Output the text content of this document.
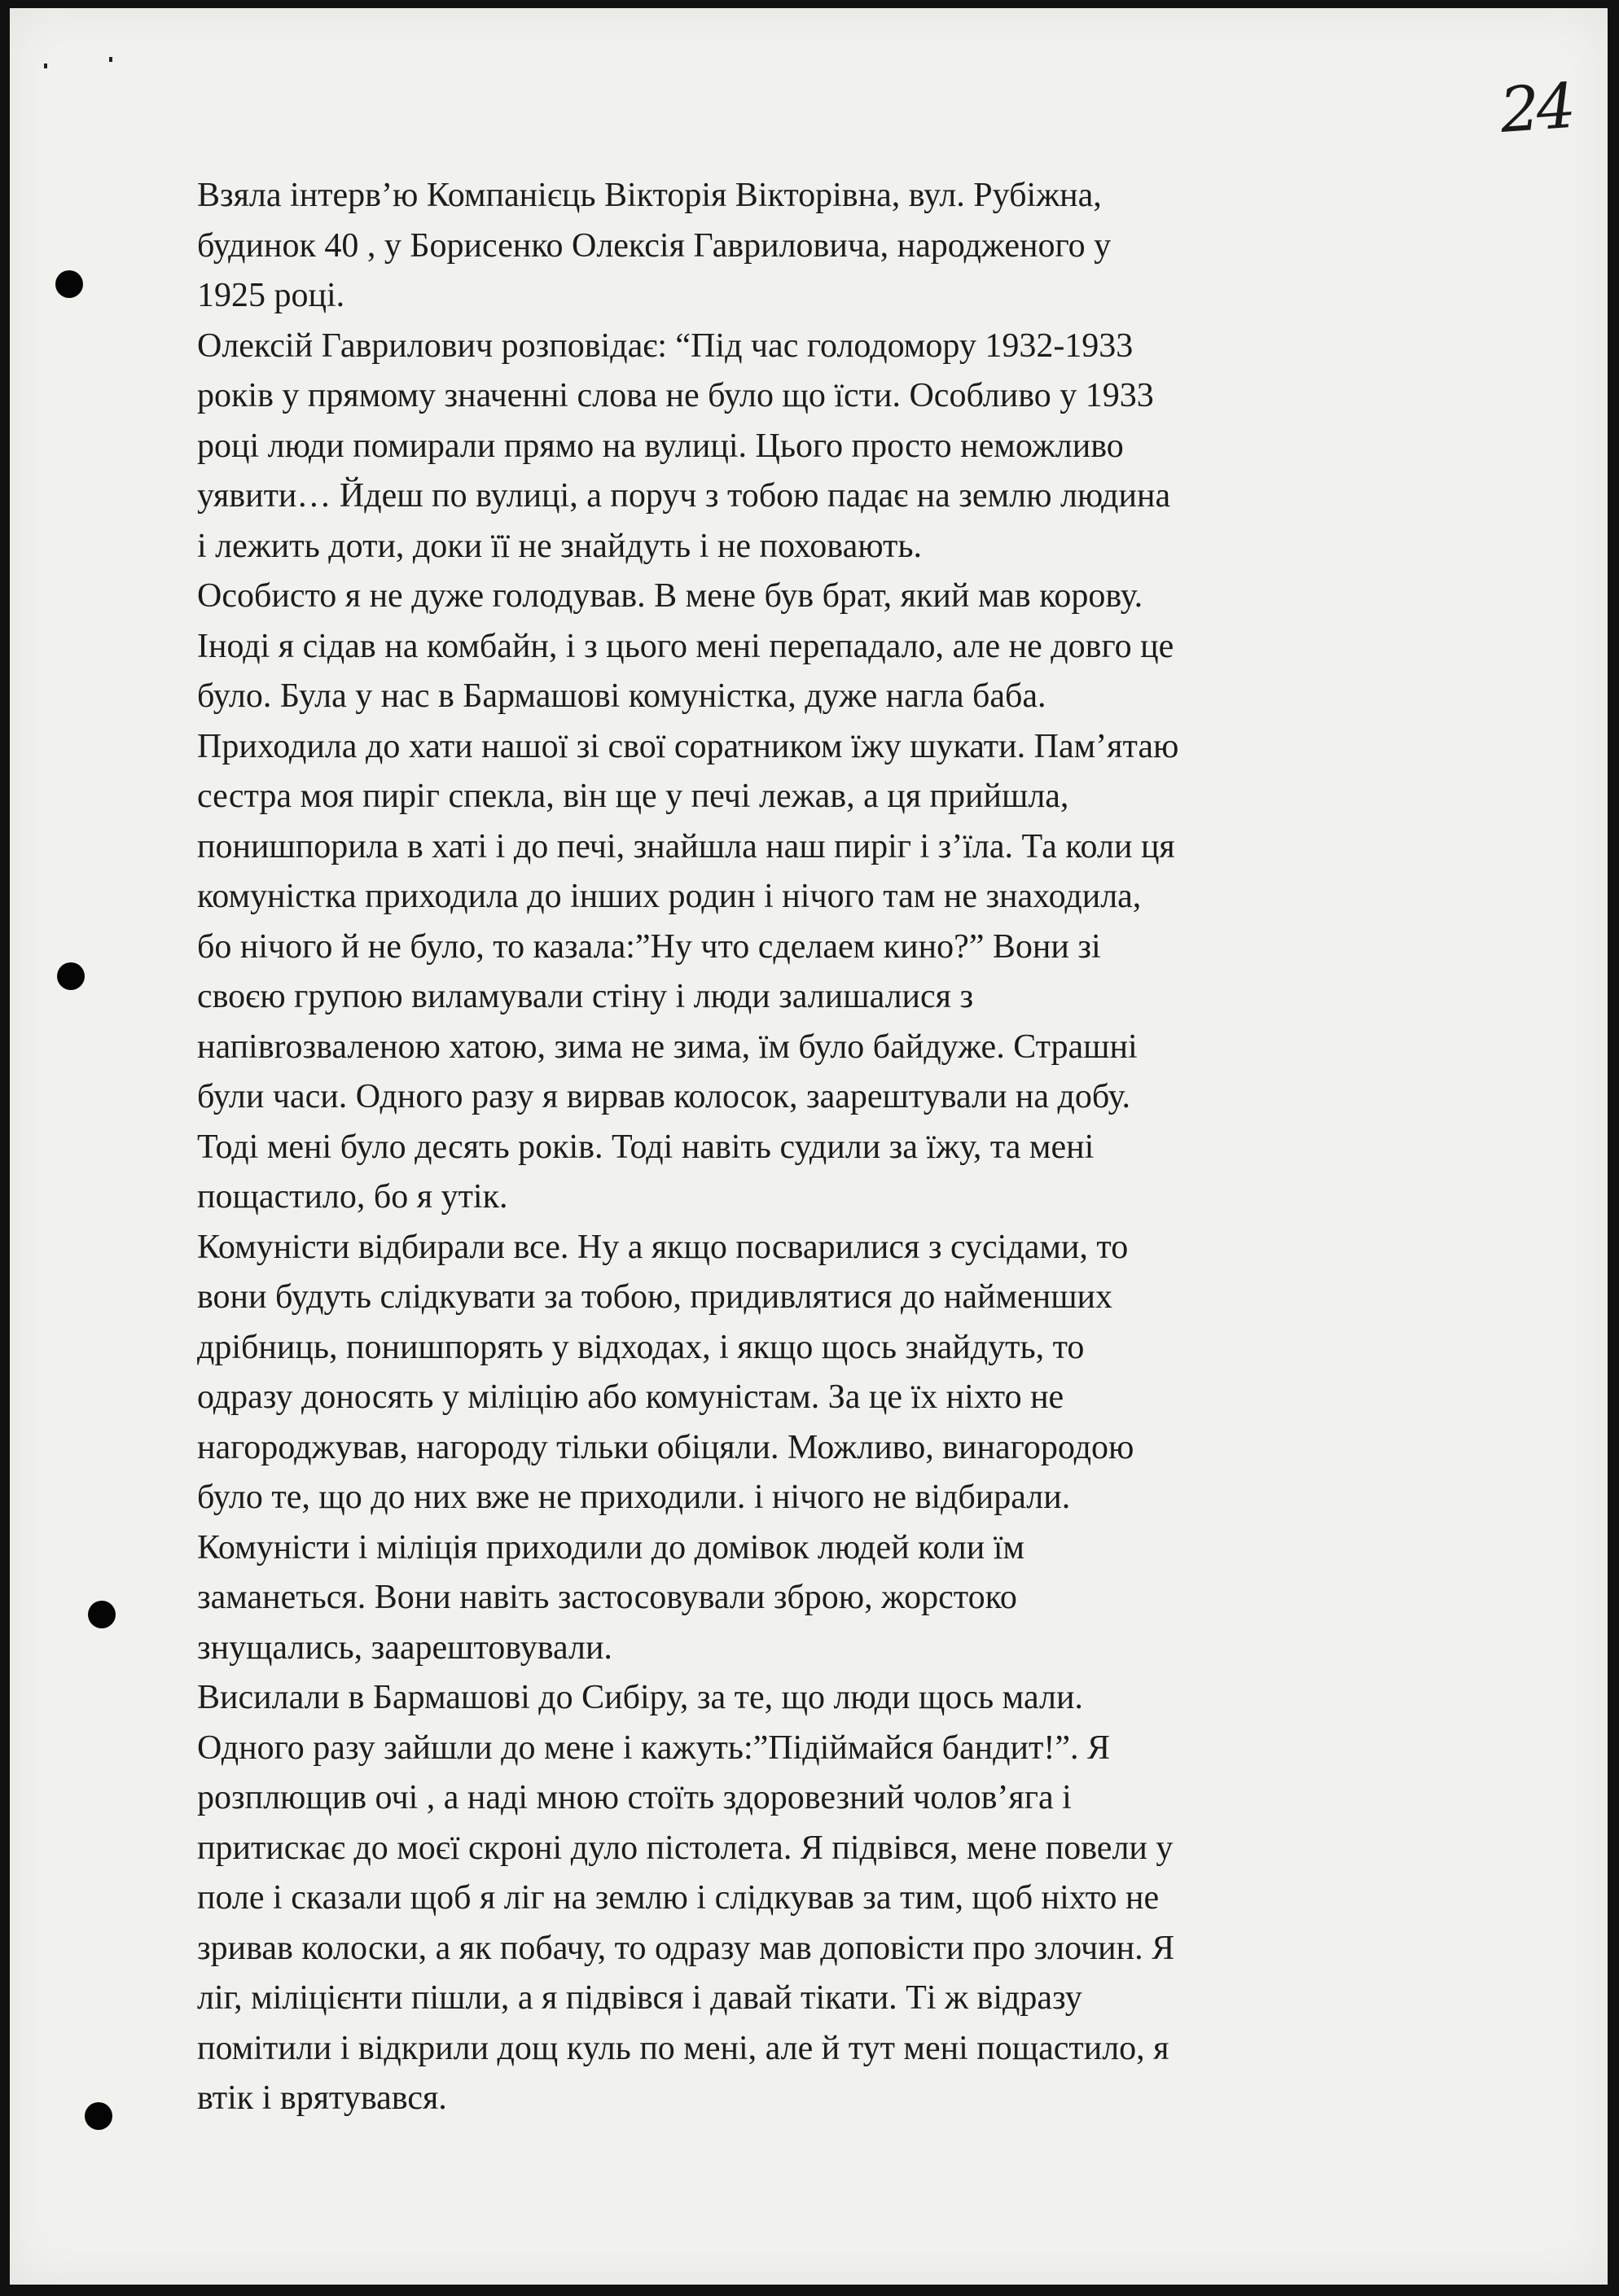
24
Взяла інтерв’ю Компанієць Вікторія Вікторівна, вул. Рубіжна,
будинок 40 , у Борисенко Олексія Гавриловича, народженого у
1925 році.
Олексій Гаврилович розповідає: “Під час голодомору 1932-1933
років у прямому значенні слова не було що їсти. Особливо у 1933
році люди помирали прямо на вулиці. Цього просто неможливо
уявити… Йдеш по вулиці, а поруч з тобою падає на землю людина
і лежить доти, доки її не знайдуть і не поховають.
Особисто я не дуже голодував. В мене був брат, який мав корову.
Іноді я сідав на комбайн, і з цього мені перепадало, але не довго це
було. Була у нас в Бармашові комуністка, дуже нагла баба.
Приходила до хати нашої зі свої соратником їжу шукати. Пам’ятаю
сестра моя пиріг спекла, він ще у печі лежав, а ця прийшла,
понишпорила в хаті і до печі, знайшла наш пиріг і з’їла. Та коли ця
комуністка приходила до інших родин і нічого там не знаходила,
бо нічого й не було, то казала:”Ну что сделаем кино?” Вони зі
своєю групою виламували стіну і люди залишалися з
напівrозваленою хатою, зима не зима, їм було байдуже. Страшні
були часи. Одного разу я вирвав колосок, заарештували на добу.
Тоді мені було десять років. Тоді навіть судили за їжу, та мені
пощастило, бо я утік.
Комуністи відбирали все. Ну а якщо посварилися з сусідами, то
вони будуть слідкувати за тобою, придивлятися до найменших
дрібниць, понишпорять у відходах, і якщо щось знайдуть, то
одразу доносять у міліцію або комуністам. За це їх ніхто не
нагороджував, нагороду тільки обіцяли. Можливо, винагородою
було те, що до них вже не приходили. і нічого не відбирали.
Комуністи і міліція приходили до домівок людей коли їм
заманеться. Вони навіть застосовували зброю, жорстоко
знущались, заарештовували.
Висилали в Бармашові до Сибіру, за те, що люди щось мали.
Одного разу зайшли до мене і кажуть:”Підіймайся бандит!”. Я
розплющив очі , а наді мною стоїть здоровезний чолов’яга і
притискає до моєї скроні дуло пістолета. Я підвівся, мене повели у
поле і сказали щоб я ліг на землю і слідкував за тим, щоб ніхто не
зривав колоски, а як побачу, то одразу мав доповісти про злочин. Я
ліг, міліцієнти пішли, а я підвівся і давай тікати. Ті ж відразу
помітили і відкрили дощ куль по мені, але й тут мені пощастило, я
втік і врятувався.
